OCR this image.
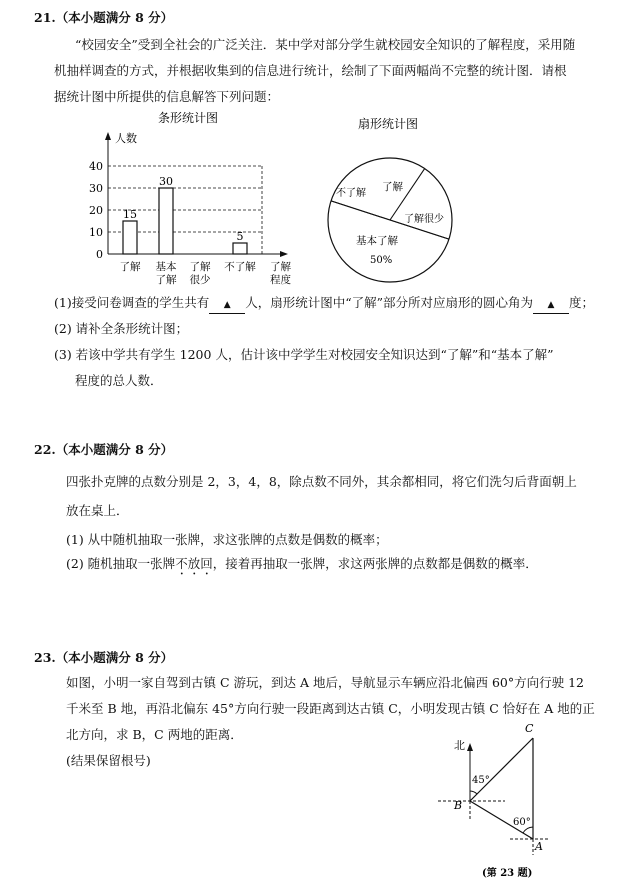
21.（本小题满分 8 分）
“校园安全”受到全社会的广泛关注．某中学对部分学生就校园安全知识的了解程度，采用随
机抽样调查的方式，并根据收集到的信息进行统计，绘制了下面两幅尚不完整的统计图．请根
据统计图中所提供的信息解答下列问题：
条形统计图
人数
0
10
20
30
40
15
30
5
了解 基本
了解
了解
很少
不了解 了解
程度
扇形统计图
不了解
了解
了解很少
基本了解
50%
(1)接受问卷调查的学生共有 ▲ 人，扇形统计图中“了解”部分所对应扇形的圆心角为 ▲ 度；
(2) 请补全条形统计图；
(3) 若该中学共有学生 1200 人，估计该中学学生对校园安全知识达到“了解”和“基本了解”
程度的总人数．
22.（本小题满分 8 分）
四张扑克牌的点数分别是 2，3，4，8，除点数不同外，其余都相同，将它们洗匀后背面朝上
放在桌上．
(1) 从中随机抽取一张牌，求这张牌的点数是偶数的概率；
(2) 随机抽取一张牌不放回，接着再抽取一张牌，求这两张牌的点数都是偶数的概率．
23.（本小题满分 8 分）
如图，小明一家自驾到古镇 C 游玩，到达 A 地后，导航显示车辆应沿北偏西 60°方向行驶 12
千米至 B 地，再沿北偏东 45°方向行驶一段距离到达古镇 C，小明发现古镇 C 恰好在 A 地的正
北方向，求 B，C 两地的距离．
(结果保留根号)
北
C
B
A
45°
60°
(第 23 题)
